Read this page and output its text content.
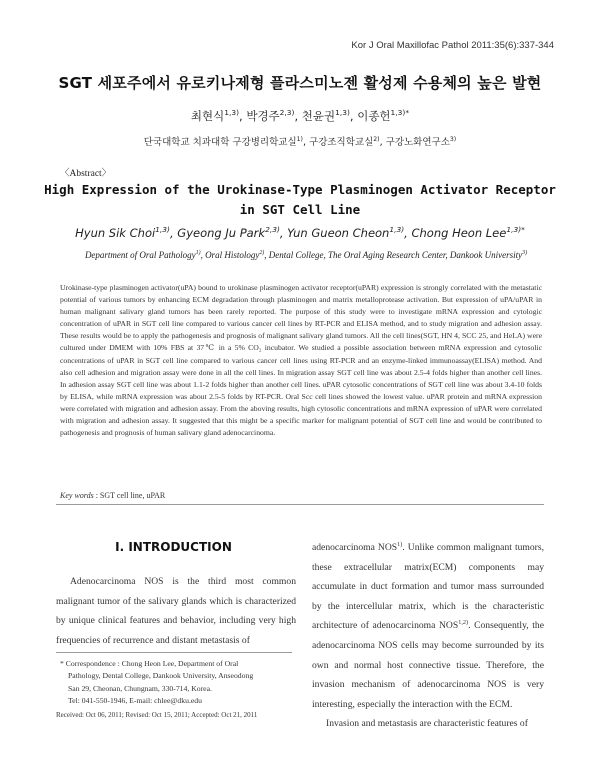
Kor J Oral Maxillofac Pathol 2011:35(6):337-344
SGT 세포주에서 유로키나제형 플라스미노젠 활성제 수용체의 높은 발현
최현식$^{1,3)}$, 박경주$^{2,3)}$, 천윤권$^{1,3)}$, 이종헌$^{1,3)*}$
단국대학교 치과대학 구강병리학교실$^{1)}$, 구강조직학교실$^{2)}$, 구강노화연구소$^{3)}$
〈Abstract〉
High Expression of the Urokinase-Type Plasminogen Activator Receptor
in SGT Cell Line
Hyun Sik Choi$^{1,3)}$, Gyeong Ju Park$^{2,3)}$, Yun Gueon Cheon$^{1,3)}$, Chong Heon Lee$^{1,3)*}$
Department of Oral Pathology$^{1)}$, Oral Histology$^{2)}$, Dental College, The Oral Aging Research Center, Dankook University$^{3)}$
Urokinase-type plasminogen activator(uPA) bound to urokinase plasminogen activator receptor(uPAR) expression is strongly correlated with the metastatic potential of various tumors by enhancing ECM degradation through plasminogen and matrix metalloprotease activation. But expression of uPA/uPAR in human malignant salivary gland tumors has been rarely reported. The purpose of this study were to investigate mRNA expression and cytologic concentration of uPAR in SGT cell line compared to various cancer cell lines by RT-PCR and ELISA method, and to study migration and adhesion assay. These results would be to apply the pathogenesis and prognosis of malignant salivary gland tumors. All the cell lines(SGT, HN 4, SCC 25, and HeLA) were cultured under DMEM with 10% FBS at 37℃ in a 5% CO₂ incubator. We studied a possible association between mRNA expression and cytosolic concentrations of uPAR in SGT cell line compared to various cancer cell lines using RT-PCR and an enzyme-linked immunoassay(ELISA) method. And also cell adhesion and migration assay were done in all the cell lines. In migration assay SGT cell line was about 2.5-4 folds higher than another cell lines. In adhesion assay SGT cell line was about 1.1-2 folds higher than another cell lines. uPAR cytosolic concentrations of SGT cell line was about 3.4-10 folds by ELISA, while mRNA expression was about 2.5-5 folds by RT-PCR. Oral Scc cell lines showed the lowest value. uPAR protein and mRNA expression were correlated with migration and adhesion assay. From the aboving results, high cytosolic concentrations and mRNA expression of uPAR were correlated with migration and adhesion assay. It suggested that this might be a specific marker for malignant potential of SGT cell line and would be contributed to pathogenesis and prognosis of human salivary gland adenocarcinoma.
Key words : SGT cell line, uPAR
Ⅰ. INTRODUCTION

Adenocarcinoma NOS is the third most common malignant tumor of the salivary glands which is characterized by unique clinical features and behavior, including very high frequencies of recurrence and distant metastasis of

adenocarcinoma NOS$^{1)}$. Unlike common malignant tumors, these extracellular matrix(ECM) components may accumulate in duct formation and tumor mass surrounded by the intercellular matrix, which is the characteristic architecture of adenocarcinoma NOS$^{1,2)}$. Consequently, the adenocarcinoma NOS cells may become surrounded by its own and normal host connective tissue. Therefore, the invasion mechanism of adenocarcinoma NOS is very interesting, especially the interaction with the ECM.

Invasion and metastasis are characteristic features of

* Correspondence : Chong Heon Lee, Department of Oral
Pathology, Dental College, Dankook University, Anseodong
San 29, Cheonan, Chungnam, 330-714, Korea.
Tel: 041-550-1946, E-mail: chlee@dku.edu
Received: Oct 06, 2011; Revised: Oct 15, 2011; Accepted: Oct 21, 2011
